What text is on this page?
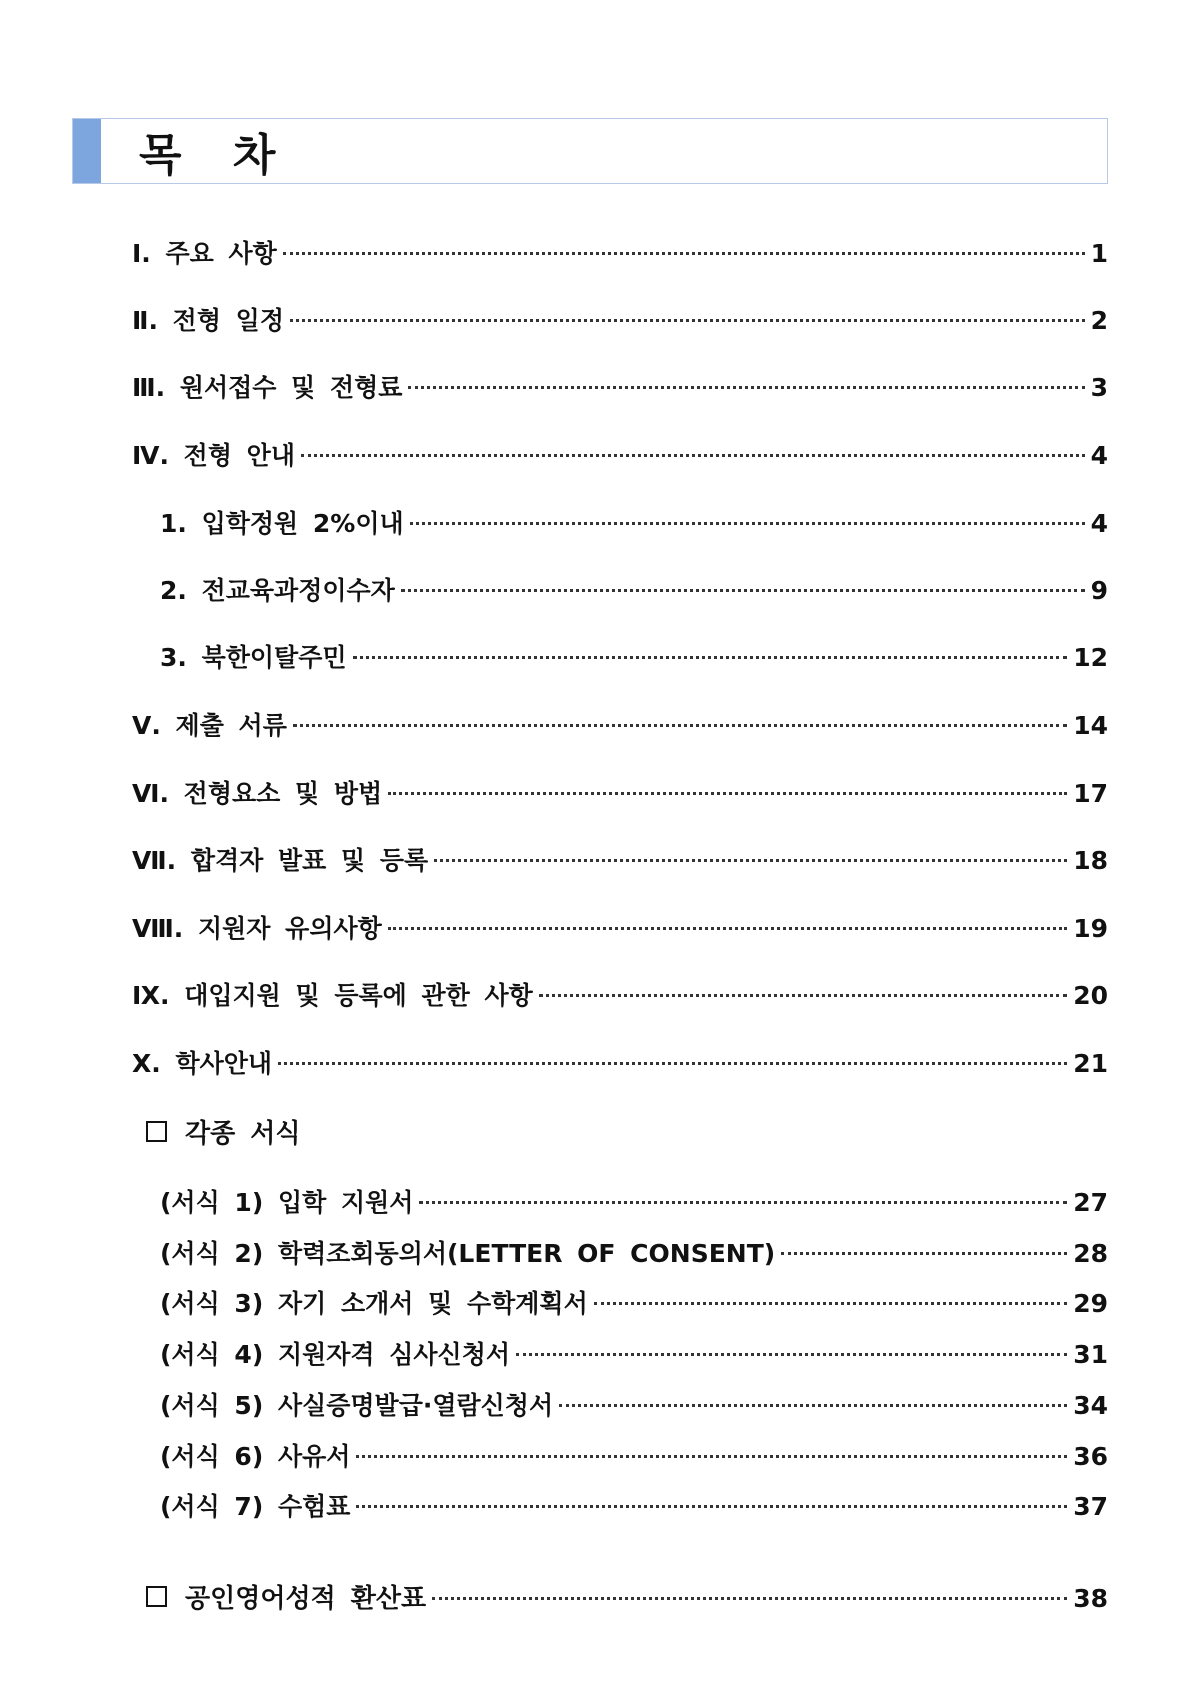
목 차
Ⅰ. 주요 사항	1
Ⅱ. 전형 일정	2
Ⅲ. 원서접수 및 전형료	3
Ⅳ. 전형 안내	4
1. 입학정원 2%이내	4
2. 전교육과정이수자	9
3. 북한이탈주민	12
Ⅴ. 제출 서류	14
Ⅵ. 전형요소 및 방법	17
Ⅶ. 합격자 발표 및 등록	18
Ⅷ. 지원자 유의사항	19
Ⅸ. 대입지원 및 등록에 관한 사항	20
Ⅹ. 학사안내	21
각종 서식
(서식 1) 입학 지원서	27
(서식 2) 학력조회동의서(LETTER OF CONSENT)	28
(서식 3) 자기 소개서 및 수학계획서	29
(서식 4) 지원자격 심사신청서	31
(서식 5) 사실증명발급·열람신청서	34
(서식 6) 사유서	36
(서식 7) 수험표	37
공인영어성적 환산표	38
